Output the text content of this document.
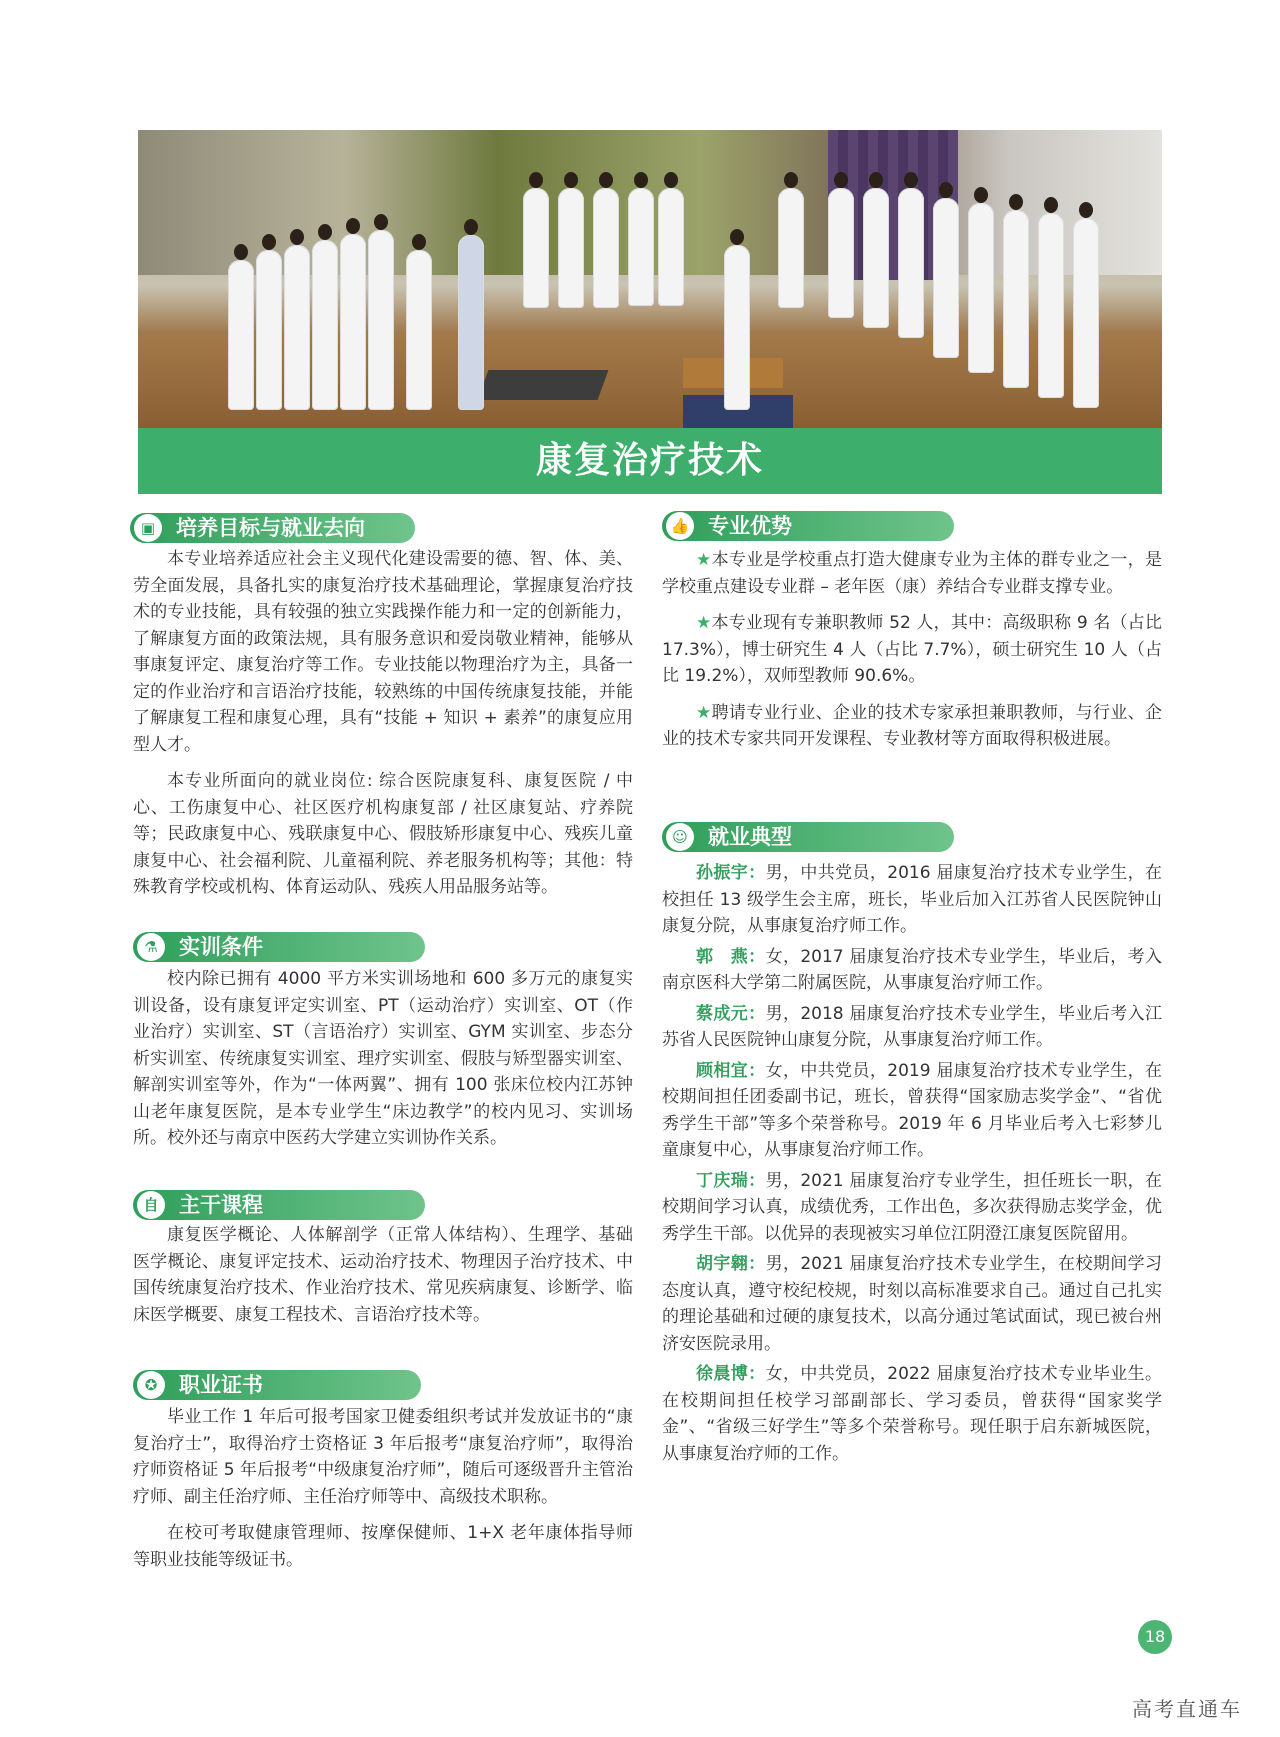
康复治疗技术
▣ 培养目标与就业去向

本专业培养适应社会主义现代化建设需要的德、智、体、美、劳全面发展，具备扎实的康复治疗技术基础理论，掌握康复治疗技术的专业技能，具有较强的独立实践操作能力和一定的创新能力，了解康复方面的政策法规，具有服务意识和爱岗敬业精神，能够从事康复评定、康复治疗等工作。专业技能以物理治疗为主，具备一定的作业治疗和言语治疗技能，较熟练的中国传统康复技能，并能了解康复工程和康复心理，具有“技能 + 知识 + 素养”的康复应用型人才。

本专业所面向的就业岗位: 综合医院康复科、康复医院 / 中心、工伤康复中心、社区医疗机构康复部 / 社区康复站、疗养院等；民政康复中心、残联康复中心、假肢矫形康复中心、残疾儿童康复中心、社会福利院、儿童福利院、养老服务机构等；其他：特殊教育学校或机构、体育运动队、残疾人用品服务站等。

⚗	实训条件

校内除已拥有 4000 平方米实训场地和 600 多万元的康复实训设备，设有康复评定实训室、PT（运动治疗）实训室、OT（作业治疗）实训室、ST（言语治疗）实训室、GYM 实训室、步态分析实训室、传统康复实训室、理疗实训室、假肢与矫型器实训室、解剖实训室等外，作为“一体两翼”、拥有 100 张床位校内江苏钟山老年康复医院，是本专业学生“床边教学”的校内见习、实训场所。校外还与南京中医药大学建立实训协作关系。

自 主干课程

康复医学概论、人体解剖学（正常人体结构）、生理学、基础医学概论、康复评定技术、运动治疗技术、物理因子治疗技术、中国传统康复治疗技术、作业治疗技术、常见疾病康复、诊断学、临床医学概要、康复工程技术、言语治疗技术等。

✪	职业证书

毕业工作 1 年后可报考国家卫健委组织考试并发放证书的“康复治疗士”，取得治疗士资格证 3 年后报考“康复治疗师”，取得治疗师资格证 5 年后报考“中级康复治疗师”，随后可逐级晋升主管治疗师、副主任治疗师、主任治疗师等中、高级技术职称。

在校可考取健康管理师、按摩保健师、1+X 老年康体指导师等职业技能等级证书。

👍 专业优势

★本专业是学校重点打造大健康专业为主体的群专业之一，是学校重点建设专业群 – 老年医（康）养结合专业群支撑专业。

★本专业现有专兼职教师 52 人，其中：高级职称 9 名（占比 17.3%），博士研究生 4 人（占比 7.7%），硕士研究生 10 人（占比 19.2%），双师型教师 90.6%。

★聘请专业行业、企业的技术专家承担兼职教师，与行业、企业的技术专家共同开发课程、专业教材等方面取得积极进展。

☺ 就业典型

孙振宇：男，中共党员，2016 届康复治疗技术专业学生，在校担任 13 级学生会主席，班长，毕业后加入江苏省人民医院钟山康复分院，从事康复治疗师工作。

郭　燕：女，2017 届康复治疗技术专业学生，毕业后，考入南京医科大学第二附属医院，从事康复治疗师工作。

蔡成元：男，2018 届康复治疗技术专业学生，毕业后考入江苏省人民医院钟山康复分院，从事康复治疗师工作。

顾相宜：女，中共党员，2019 届康复治疗技术专业学生，在校期间担任团委副书记，班长，曾获得“国家励志奖学金”、“省优秀学生干部”等多个荣誉称号。2019 年 6 月毕业后考入七彩梦儿童康复中心，从事康复治疗师工作。

丁庆瑞：男，2021 届康复治疗专业学生，担任班长一职，在校期间学习认真，成绩优秀，工作出色，多次获得励志奖学金，优秀学生干部。以优异的表现被实习单位江阴澄江康复医院留用。

胡宇翱：男，2021 届康复治疗技术专业学生，在校期间学习态度认真，遵守校纪校规，时刻以高标准要求自己。通过自己扎实的理论基础和过硬的康复技术，以高分通过笔试面试，现已被台州济安医院录用。

徐晨博：女，中共党员，2022 届康复治疗技术专业毕业生。在校期间担任校学习部副部长、学习委员，曾获得“国家奖学金”、“省级三好学生”等多个荣誉称号。现任职于启东新城医院，从事康复治疗师的工作。

18
高考直通车
